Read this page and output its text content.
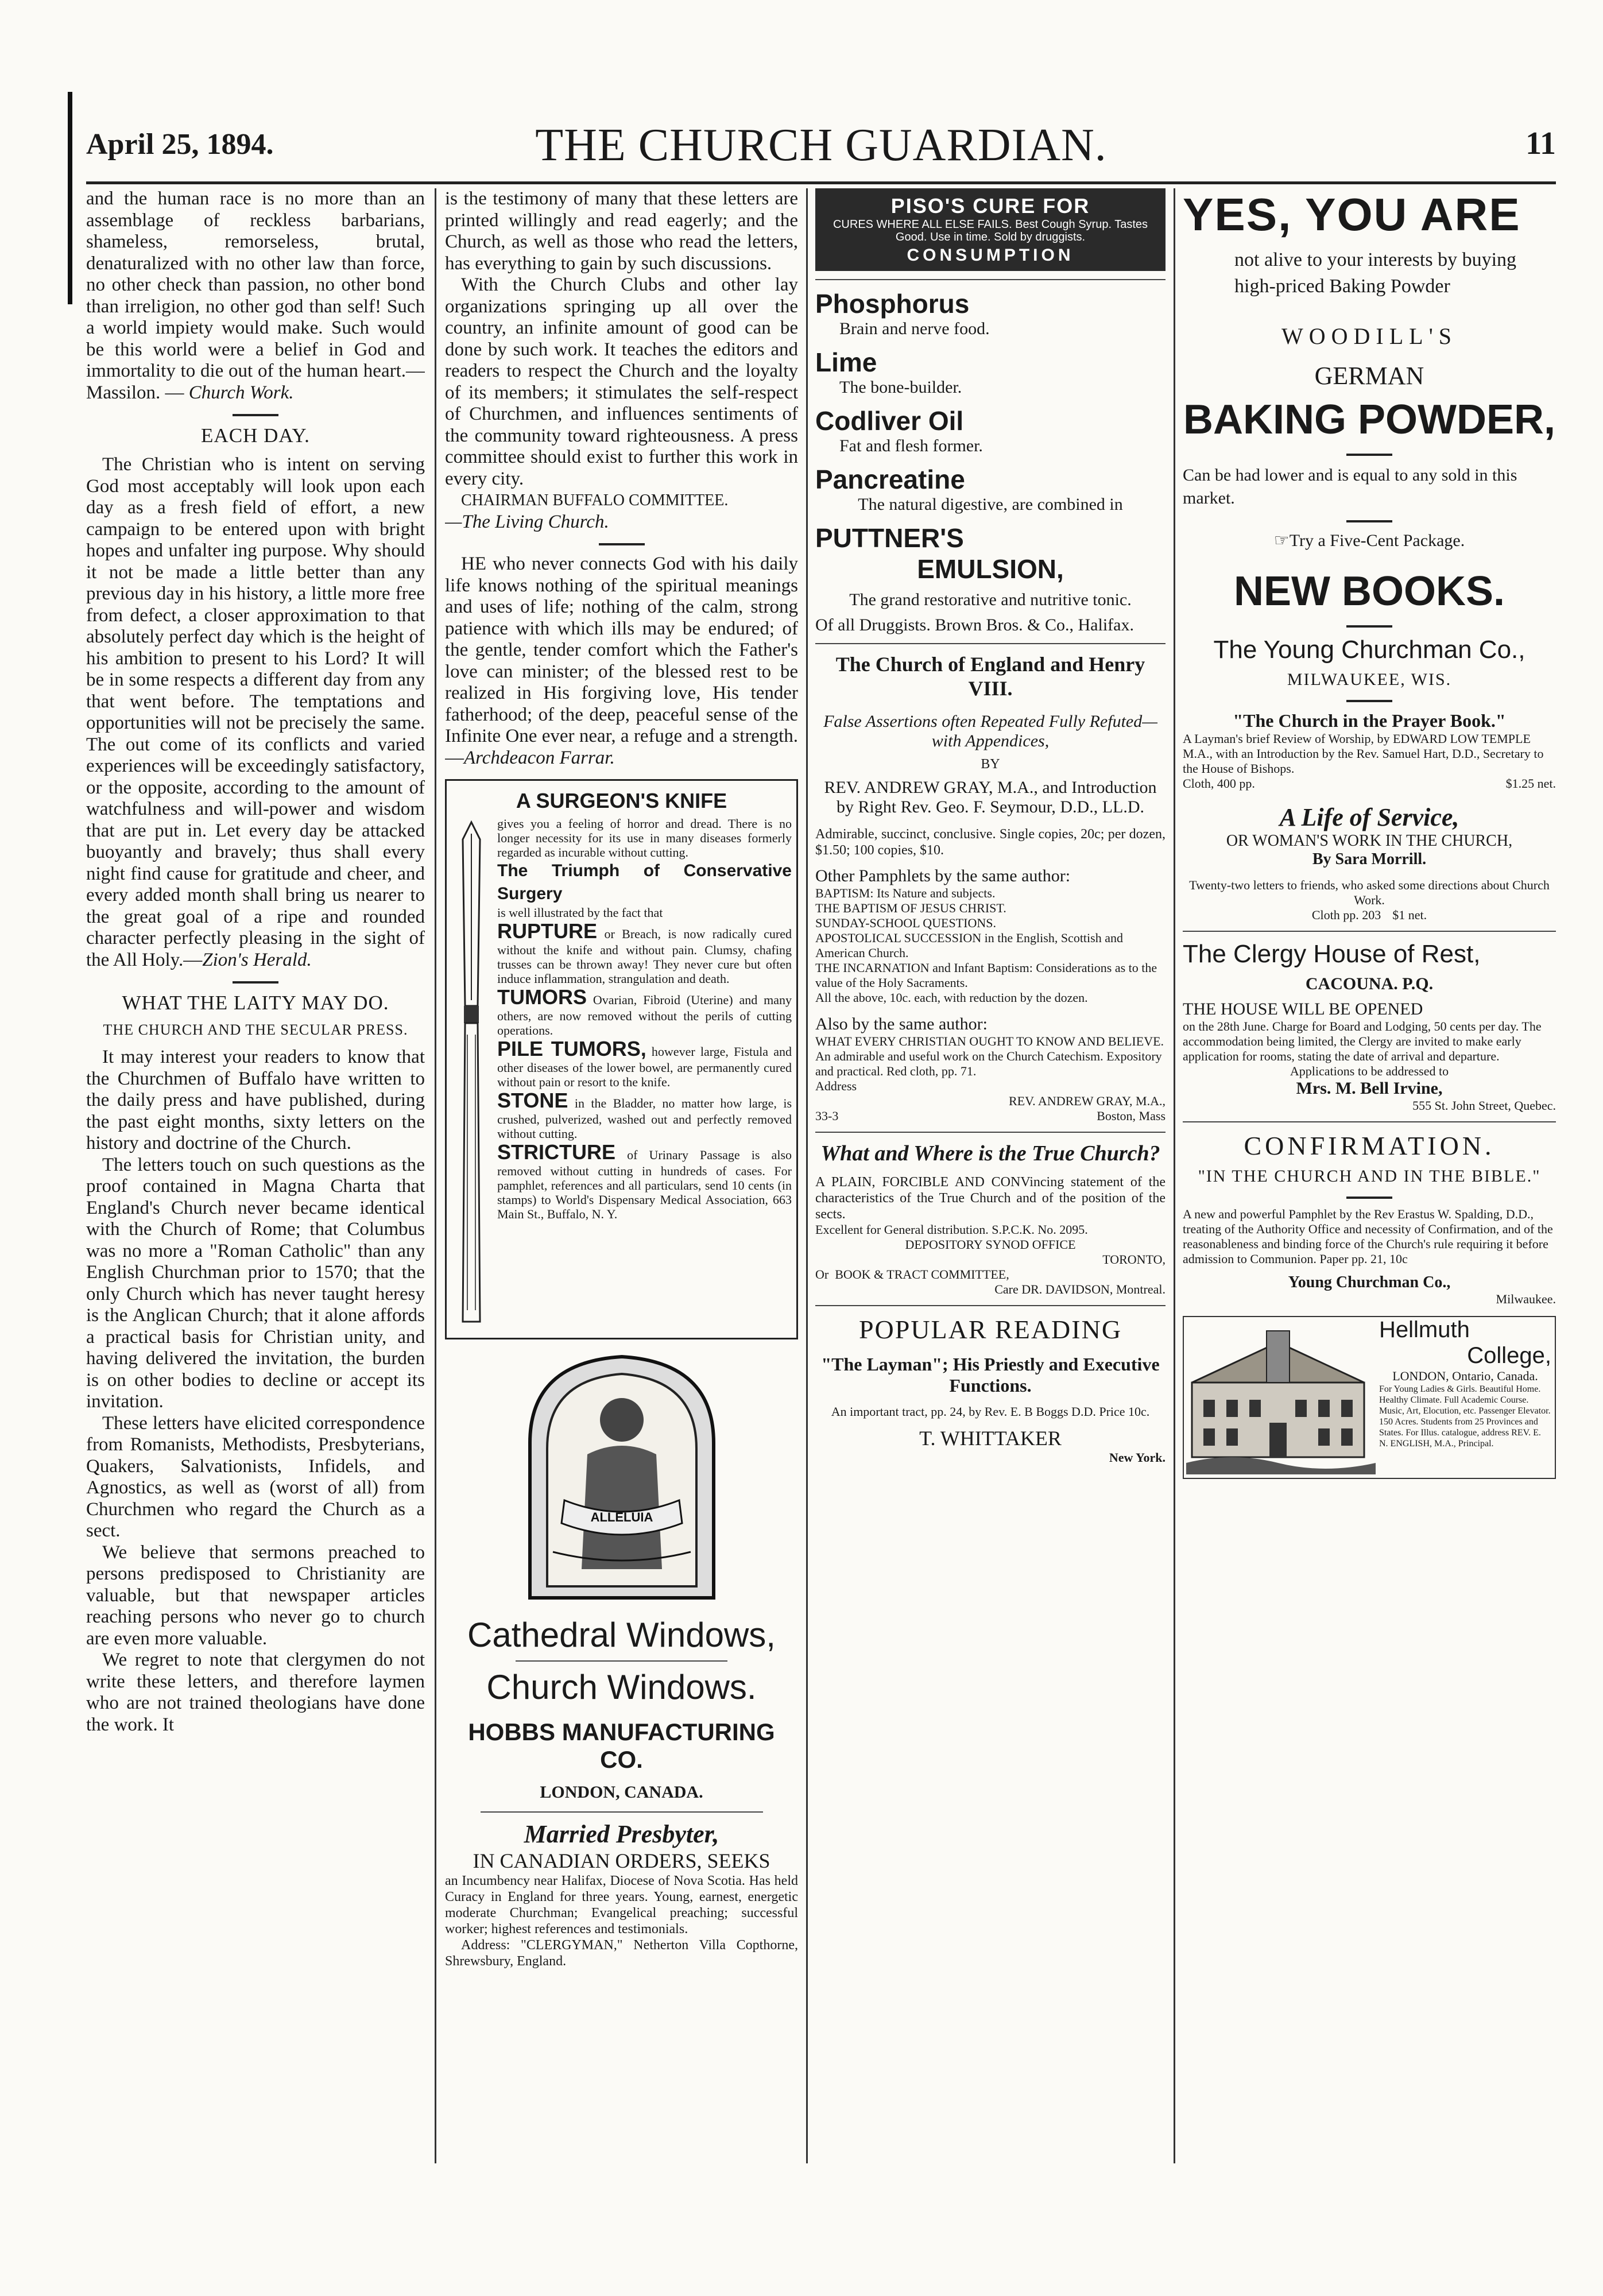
April 25, 1894.	THE CHURCH GUARDIAN.	11

and the human race is no more than an assemblage of reckless barbarians, shameless, remorseless, brutal, denaturalized with no other law than force, no other check than passion, no other bond than irreligion, no other god than self! Such a world impiety would make. Such would be this world were a belief in God and immortality to die out of the human heart.—Massilon. — Church Work.

EACH DAY.

The Christian who is intent on serving God most acceptably will look upon each day as a fresh field of effort, a new campaign to be entered upon with bright hopes and unfalter ing purpose. Why should it not be made a little better than any previous day in his history, a little more free from defect, a closer approximation to that absolutely perfect day which is the height of his ambition to present to his Lord? It will be in some respects a different day from any that went before. The temptations and opportunities will not be precisely the same. The out come of its conflicts and varied experiences will be exceedingly satisfactory, or the opposite, according to the amount of watchfulness and will-power and wisdom that are put in. Let every day be attacked buoyantly and bravely; thus shall every night find cause for gratitude and cheer, and every added month shall bring us nearer to the great goal of a ripe and rounded character perfectly pleasing in the sight of the All Holy.—Zion's Herald.

WHAT THE LAITY MAY DO.
THE CHURCH AND THE SECULAR PRESS.

It may interest your readers to know that the Churchmen of Buffalo have written to the daily press and have published, during the past eight months, sixty letters on the history and doctrine of the Church.

The letters touch on such questions as the proof contained in Magna Charta that England's Church never became identical with the Church of Rome; that Columbus was no more a "Roman Catholic" than any English Churchman prior to 1570; that the only Church which has never taught heresy is the Anglican Church; that it alone affords a practical basis for Christian unity, and having delivered the invitation, the burden is on other bodies to decline or accept its invitation.

These letters have elicited correspondence from Romanists, Methodists, Presbyterians, Quakers, Salvationists, Infidels, and Agnostics, as well as (worst of all) from Churchmen who regard the Church as a sect.

We believe that sermons preached to persons predisposed to Christianity are valuable, but that newspaper articles reaching persons who never go to church are even more valuable.

We regret to note that clergymen do not write these letters, and therefore laymen who are not trained theologians have done the work. It

is the testimony of many that these letters are printed willingly and read eagerly; and the Church, as well as those who read the letters, has everything to gain by such discussions.

With the Church Clubs and other lay organizations springing up all over the country, an infinite amount of good can be done by such work. It teaches the editors and readers to respect the Church and the loyalty of its members; it stimulates the self-respect of Churchmen, and influences sentiments of the community toward righteousness. A press committee should exist to further this work in every city.

CHAIRMAN BUFFALO COMMITTEE.

—The Living Church.

HE who never connects God with his daily life knows nothing of the spiritual meanings and uses of life; nothing of the calm, strong patience with which ills may be endured; of the gentle, tender comfort which the Father's love can minister; of the blessed rest to be realized in His forgiving love, His tender fatherhood; of the deep, peaceful sense of the Infinite One ever near, a refuge and a strength.—Archdeacon Farrar.

A SURGEON'S KNIFE

gives you a feeling of horror and dread. There is no longer necessity for its use in many diseases formerly regarded as incurable without cutting.

The Triumph of Conservative Surgery

is well illustrated by the fact that

RUPTURE or Breach, is now radically cured without the knife and without pain. Clumsy, chafing trusses can be thrown away! They never cure but often induce inflammation, strangulation and death.

TUMORS Ovarian, Fibroid (Uterine) and many others, are now removed without the perils of cutting operations.

PILE TUMORS, however large, Fistula and other diseases of the lower bowel, are permanently cured without pain or resort to the knife.

STONE in the Bladder, no matter how large, is crushed, pulverized, washed out and perfectly removed without cutting.

STRICTURE of Urinary Passage is also removed without cutting in hundreds of cases. For pamphlet, references and all particulars, send 10 cents (in stamps) to World's Dispensary Medical Association, 663 Main St., Buffalo, N. Y.

ALLELUIA
Cathedral Windows,
Church Windows.
HOBBS MANUFACTURING CO.
LONDON, CANADA.
Married Presbyter,
IN CANADIAN ORDERS, SEEKS

an Incumbency near Halifax, Diocese of Nova Scotia. Has held Curacy in England for three years. Young, earnest, energetic moderate Churchman; Evangelical preaching; successful worker; highest references and testimonials.

Address: "CLERGYMAN," Netherton Villa Copthorne, Shrewsbury, England.

PISO'S CURE FOR
CURES WHERE ALL ELSE FAILS. Best Cough Syrup. Tastes Good. Use in time. Sold by druggists.
CONSUMPTION
Phosphorus
Brain and nerve food.
Lime
The bone-builder.
Codliver Oil
Fat and flesh former.
Pancreatine
The natural digestive, are combined in
PUTTNER'S
EMULSION,
The grand restorative and nutritive tonic.
Of all Druggists. Brown Bros. & Co., Halifax.
The Church of England and Henry VIII.
False Assertions often Repeated Fully Refuted—with Appendices,
BY
REV. ANDREW GRAY, M.A., and Introduction by Right Rev. Geo. F. Seymour, D.D., LL.D.

Admirable, succinct, conclusive. Single copies, 20c; per dozen, $1.50; 100 copies, $10.

Other Pamphlets by the same author:

BAPTISM: Its Nature and subjects.

THE BAPTISM OF JESUS CHRIST.

SUNDAY-SCHOOL QUESTIONS.

APOSTOLICAL SUCCESSION in the English, Scottish and American Church.

THE INCARNATION and Infant Baptism: Considerations as to the value of the Holy Sacraments.

All the above, 10c. each, with reduction by the dozen.

Also by the same author:

WHAT EVERY CHRISTIAN OUGHT TO KNOW AND BELIEVE. An admirable and useful work on the Church Catechism. Expository and practical. Red cloth, pp. 71.

Address

REV. ANDREW GRAY, M.A.,

33-3	Boston, Mass

What and Where is the True Church?

A PLAIN, FORCIBLE AND CONVincing statement of the characteristics of the True Church and of the position of the sects.

Excellent for General distribution. S.P.C.K. No. 2095.

DEPOSITORY SYNOD OFFICE

TORONTO,

Or BOOK & TRACT COMMITTEE,

Care DR. DAVIDSON, Montreal.

POPULAR READING
"The Layman"; His Priestly and Executive Functions.

An important tract, pp. 24, by Rev. E. B Boggs D.D. Price 10c.

T. WHITTAKER

New York.

YES, YOU ARE

not alive to your interests by buying high-priced Baking Powder

WOODILL'S
GERMAN
BAKING POWDER,

Can be had lower and is equal to any sold in this market.

☞Try a Five-Cent Package.
NEW BOOKS.
The Young Churchman Co.,
MILWAUKEE, WIS.
"The Church in the Prayer Book."

A Layman's brief Review of Worship, by EDWARD LOW TEMPLE M.A., with an Introduction by the Rev. Samuel Hart, D.D., Secretary to the House of Bishops.

Cloth, 400 pp.	$1.25 net.

A Life of Service,
OR WOMAN'S WORK IN THE CHURCH,
By Sara Morrill.

Twenty-two letters to friends, who asked some directions about Church Work.

Cloth pp. 203 $1 net.

The Clergy House of Rest,
CACOUNA. P.Q.
THE HOUSE WILL BE OPENED

on the 28th June. Charge for Board and Lodging, 50 cents per day. The accommodation being limited, the Clergy are invited to make early application for rooms, stating the date of arrival and departure.

Applications to be addressed to

Mrs. M. Bell Irvine,

555 St. John Street, Quebec.

CONFIRMATION.
"IN THE CHURCH AND IN THE BIBLE."

A new and powerful Pamphlet by the Rev Erastus W. Spalding, D.D., treating of the Authority Office and necessity of Confirmation, and of the reasonableness and binding force of the Church's rule requiring it before admission to Communion. Paper pp. 21, 10c

Young Churchman Co.,

Milwaukee.

Hellmuth
College,
LONDON, Ontario, Canada.
For Young Ladies & Girls. Beautiful Home. Healthy Climate. Full Academic Course. Music, Art, Elocution, etc. Passenger Elevator. 150 Acres. Students from 25 Provinces and States. For Illus. catalogue, address REV. E. N. ENGLISH, M.A., Principal.
